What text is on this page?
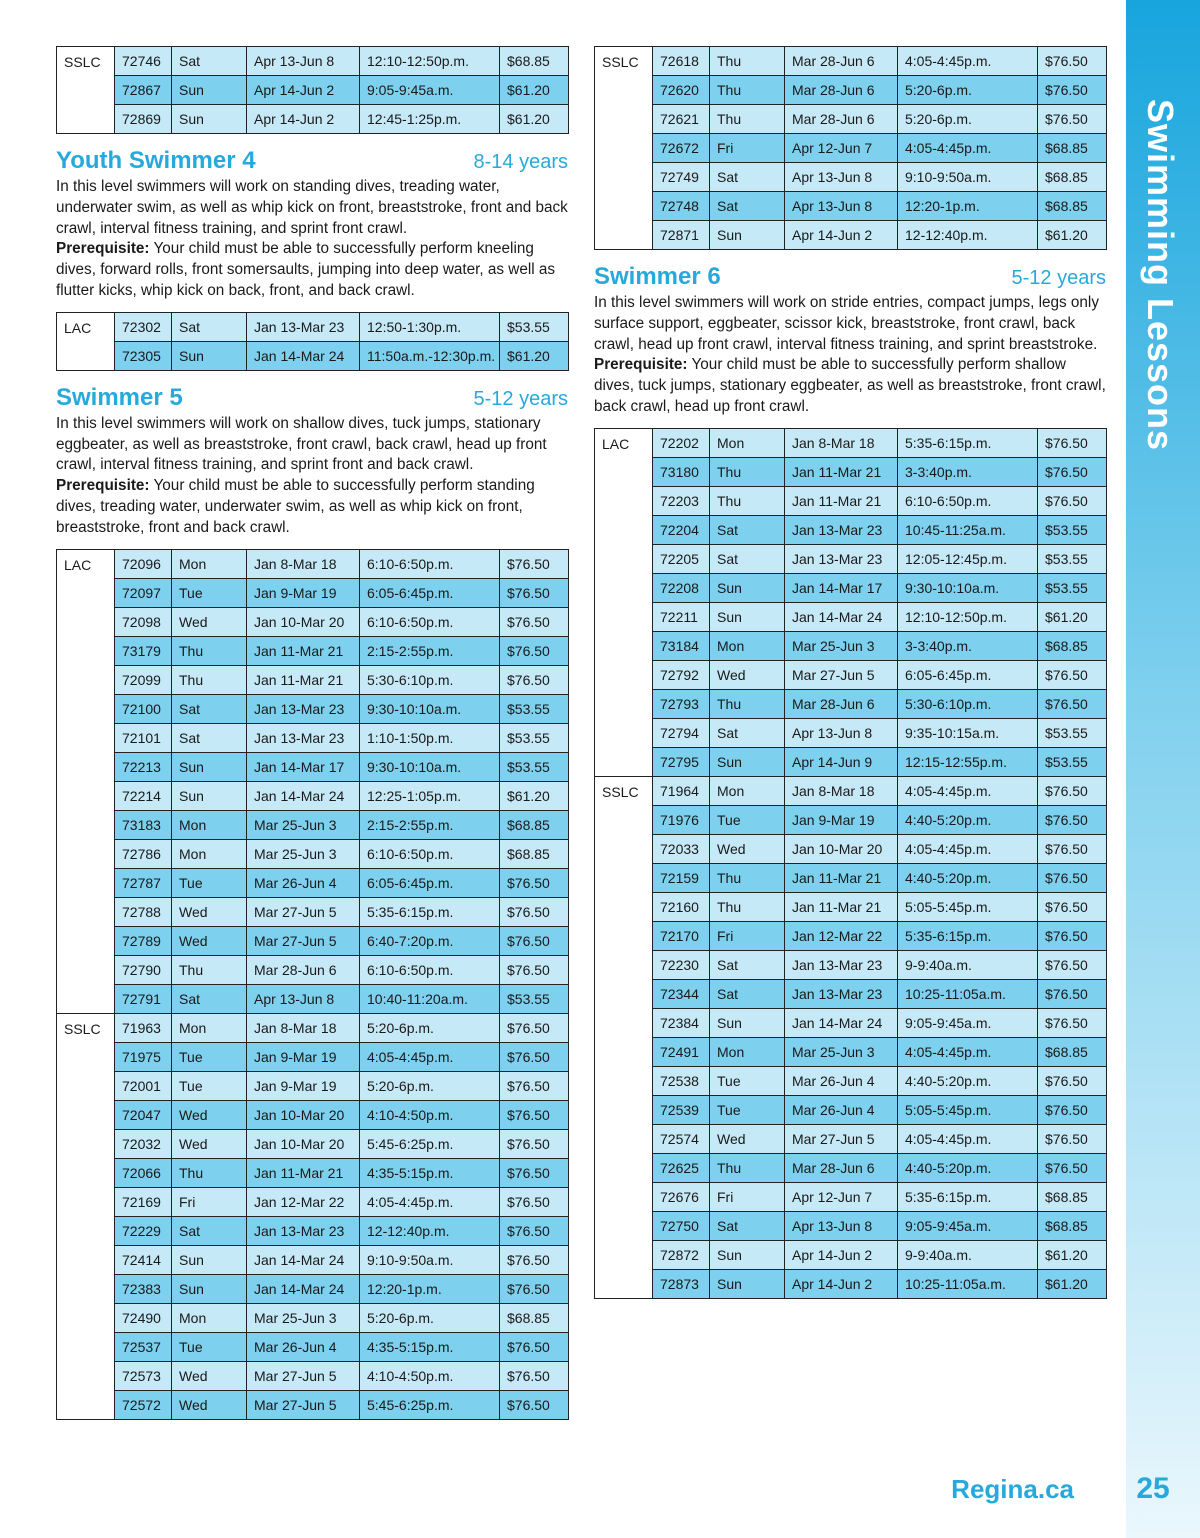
SSLC	72746	Sat	Apr 13-Jun 8	12:10-12:50p.m.	$68.85
	72867	Sun	Apr 14-Jun 2	9:05-9:45a.m.	$61.20
	72869	Sun	Apr 14-Jun 2	12:45-1:25p.m.	$61.20
Youth Swimmer 4	8-14 years
In this level swimmers will work on standing dives, treading water, underwater swim, as well as whip kick on front, breaststroke, front and back crawl, interval fitness training, and sprint front crawl.
Prerequisite: Your child must be able to successfully perform kneeling dives, forward rolls, front somersaults, jumping into deep water, as well as flutter kicks, whip kick on back, front, and back crawl.
LAC	72302	Sat	Jan 13-Mar 23	12:50-1:30p.m.	$53.55
	72305	Sun	Jan 14-Mar 24	11:50a.m.-12:30p.m.	$61.20
Swimmer 5	5-12 years
In this level swimmers will work on shallow dives, tuck jumps, stationary eggbeater, as well as breaststroke, front crawl, back crawl, head up front crawl, interval fitness training, and sprint front and back crawl.
Prerequisite: Your child must be able to successfully perform standing dives, treading water, underwater swim, as well as whip kick on front, breaststroke, front and back crawl.
LAC	72096	Mon	Jan 8-Mar 18	6:10-6:50p.m.	$76.50
	72097	Tue	Jan 9-Mar 19	6:05-6:45p.m.	$76.50
	72098	Wed	Jan 10-Mar 20	6:10-6:50p.m.	$76.50
	73179	Thu	Jan 11-Mar 21	2:15-2:55p.m.	$76.50
	72099	Thu	Jan 11-Mar 21	5:30-6:10p.m.	$76.50
	72100	Sat	Jan 13-Mar 23	9:30-10:10a.m.	$53.55
	72101	Sat	Jan 13-Mar 23	1:10-1:50p.m.	$53.55
	72213	Sun	Jan 14-Mar 17	9:30-10:10a.m.	$53.55
	72214	Sun	Jan 14-Mar 24	12:25-1:05p.m.	$61.20
	73183	Mon	Mar 25-Jun 3	2:15-2:55p.m.	$68.85
	72786	Mon	Mar 25-Jun 3	6:10-6:50p.m.	$68.85
	72787	Tue	Mar 26-Jun 4	6:05-6:45p.m.	$76.50
	72788	Wed	Mar 27-Jun 5	5:35-6:15p.m.	$76.50
	72789	Wed	Mar 27-Jun 5	6:40-7:20p.m.	$76.50
	72790	Thu	Mar 28-Jun 6	6:10-6:50p.m.	$76.50
	72791	Sat	Apr 13-Jun 8	10:40-11:20a.m.	$53.55
SSLC	71963	Mon	Jan 8-Mar 18	5:20-6p.m.	$76.50
	71975	Tue	Jan 9-Mar 19	4:05-4:45p.m.	$76.50
	72001	Tue	Jan 9-Mar 19	5:20-6p.m.	$76.50
	72047	Wed	Jan 10-Mar 20	4:10-4:50p.m.	$76.50
	72032	Wed	Jan 10-Mar 20	5:45-6:25p.m.	$76.50
	72066	Thu	Jan 11-Mar 21	4:35-5:15p.m.	$76.50
	72169	Fri	Jan 12-Mar 22	4:05-4:45p.m.	$76.50
	72229	Sat	Jan 13-Mar 23	12-12:40p.m.	$76.50
	72414	Sun	Jan 14-Mar 24	9:10-9:50a.m.	$76.50
	72383	Sun	Jan 14-Mar 24	12:20-1p.m.	$76.50
	72490	Mon	Mar 25-Jun 3	5:20-6p.m.	$68.85
	72537	Tue	Mar 26-Jun 4	4:35-5:15p.m.	$76.50
	72573	Wed	Mar 27-Jun 5	4:10-4:50p.m.	$76.50
	72572	Wed	Mar 27-Jun 5	5:45-6:25p.m.	$76.50
SSLC	72618	Thu	Mar 28-Jun 6	4:05-4:45p.m.	$76.50
	72620	Thu	Mar 28-Jun 6	5:20-6p.m.	$76.50
	72621	Thu	Mar 28-Jun 6	5:20-6p.m.	$76.50
	72672	Fri	Apr 12-Jun 7	4:05-4:45p.m.	$68.85
	72749	Sat	Apr 13-Jun 8	9:10-9:50a.m.	$68.85
	72748	Sat	Apr 13-Jun 8	12:20-1p.m.	$68.85
	72871	Sun	Apr 14-Jun 2	12-12:40p.m.	$61.20
Swimmer 6	5-12 years
In this level swimmers will work on stride entries, compact jumps, legs only surface support, eggbeater, scissor kick, breaststroke, front crawl, back crawl, head up front crawl, interval fitness training, and sprint breaststroke.
Prerequisite: Your child must be able to successfully perform shallow dives, tuck jumps, stationary eggbeater, as well as breaststroke, front crawl, back crawl, head up front crawl.
LAC	72202	Mon	Jan 8-Mar 18	5:35-6:15p.m.	$76.50
	73180	Thu	Jan 11-Mar 21	3-3:40p.m.	$76.50
	72203	Thu	Jan 11-Mar 21	6:10-6:50p.m.	$76.50
	72204	Sat	Jan 13-Mar 23	10:45-11:25a.m.	$53.55
	72205	Sat	Jan 13-Mar 23	12:05-12:45p.m.	$53.55
	72208	Sun	Jan 14-Mar 17	9:30-10:10a.m.	$53.55
	72211	Sun	Jan 14-Mar 24	12:10-12:50p.m.	$61.20
	73184	Mon	Mar 25-Jun 3	3-3:40p.m.	$68.85
	72792	Wed	Mar 27-Jun 5	6:05-6:45p.m.	$76.50
	72793	Thu	Mar 28-Jun 6	5:30-6:10p.m.	$76.50
	72794	Sat	Apr 13-Jun 8	9:35-10:15a.m.	$53.55
	72795	Sun	Apr 14-Jun 9	12:15-12:55p.m.	$53.55
SSLC	71964	Mon	Jan 8-Mar 18	4:05-4:45p.m.	$76.50
	71976	Tue	Jan 9-Mar 19	4:40-5:20p.m.	$76.50
	72033	Wed	Jan 10-Mar 20	4:05-4:45p.m.	$76.50
	72159	Thu	Jan 11-Mar 21	4:40-5:20p.m.	$76.50
	72160	Thu	Jan 11-Mar 21	5:05-5:45p.m.	$76.50
	72170	Fri	Jan 12-Mar 22	5:35-6:15p.m.	$76.50
	72230	Sat	Jan 13-Mar 23	9-9:40a.m.	$76.50
	72344	Sat	Jan 13-Mar 23	10:25-11:05a.m.	$76.50
	72384	Sun	Jan 14-Mar 24	9:05-9:45a.m.	$76.50
	72491	Mon	Mar 25-Jun 3	4:05-4:45p.m.	$68.85
	72538	Tue	Mar 26-Jun 4	4:40-5:20p.m.	$76.50
	72539	Tue	Mar 26-Jun 4	5:05-5:45p.m.	$76.50
	72574	Wed	Mar 27-Jun 5	4:05-4:45p.m.	$76.50
	72625	Thu	Mar 28-Jun 6	4:40-5:20p.m.	$76.50
	72676	Fri	Apr 12-Jun 7	5:35-6:15p.m.	$68.85
	72750	Sat	Apr 13-Jun 8	9:05-9:45a.m.	$68.85
	72872	Sun	Apr 14-Jun 2	9-9:40a.m.	$61.20
	72873	Sun	Apr 14-Jun 2	10:25-11:05a.m.	$61.20
Swimming Lessons
Regina.ca	25
